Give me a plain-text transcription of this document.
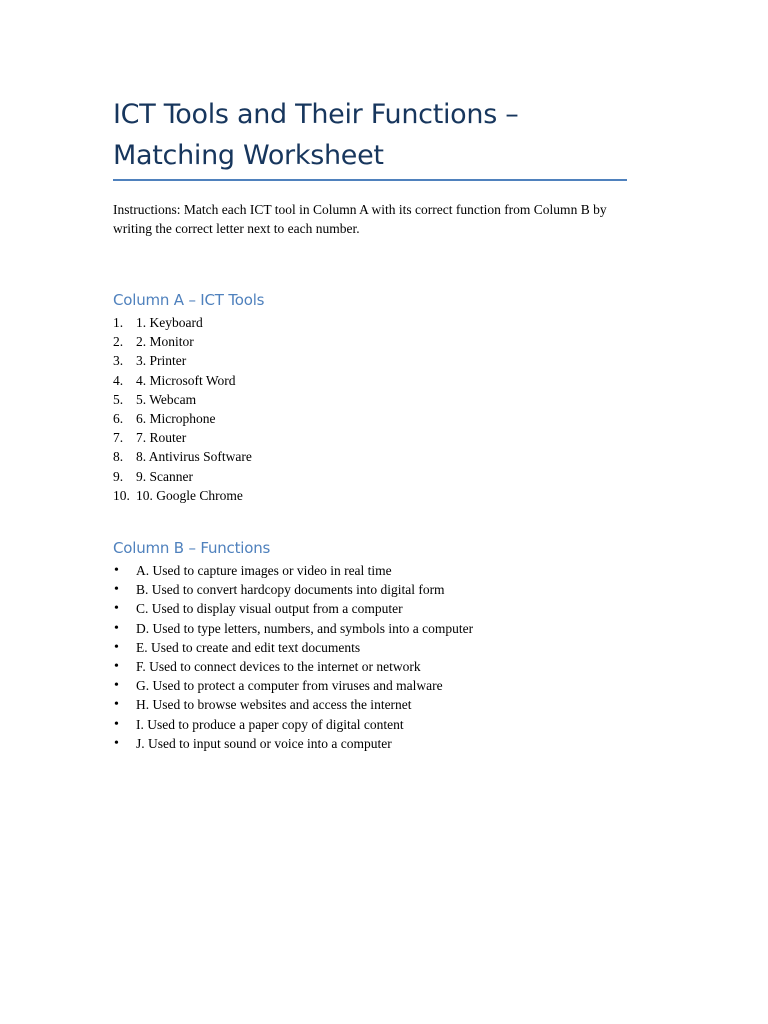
ICT Tools and Their Functions – Matching Worksheet

Instructions: Match each ICT tool in Column A with its correct function from Column B by writing the correct letter next to each number.

Column A – ICT Tools
1. 1. Keyboard
2. 2. Monitor
3. 3. Printer
4. 4. Microsoft Word
5. 5. Webcam
6. 6. Microphone
7. 7. Router
8. 8. Antivirus Software
9. 9. Scanner
10. 10. Google Chrome
Column B – Functions
• A. Used to capture images or video in real time
• B. Used to convert hardcopy documents into digital form
• C. Used to display visual output from a computer
• D. Used to type letters, numbers, and symbols into a computer
• E. Used to create and edit text documents
• F. Used to connect devices to the internet or network
• G. Used to protect a computer from viruses and malware
• H. Used to browse websites and access the internet
• I. Used to produce a paper copy of digital content
• J. Used to input sound or voice into a computer
